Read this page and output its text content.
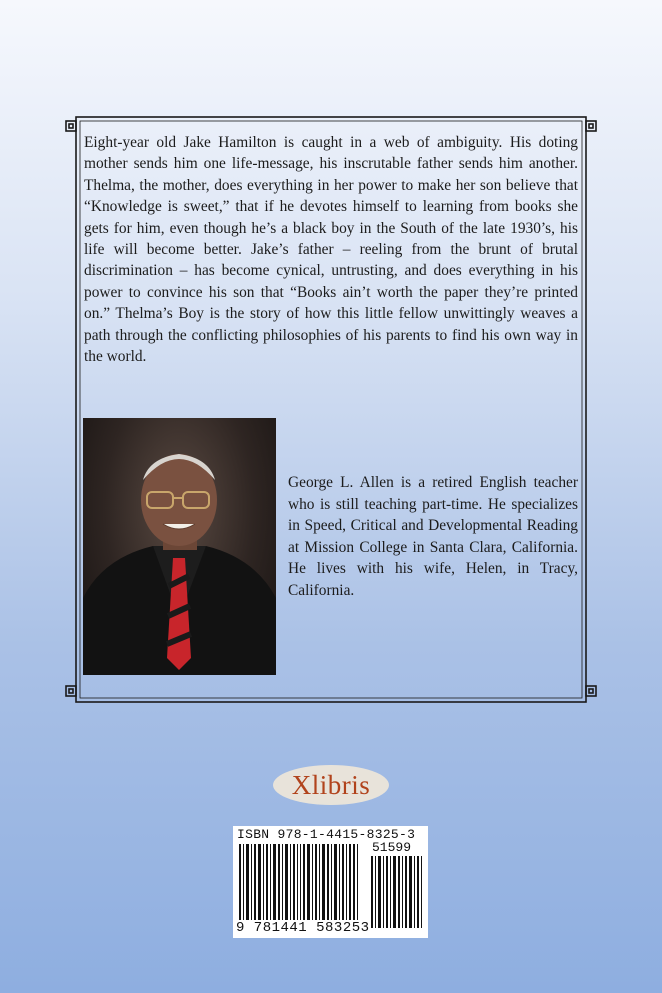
Eight-year old Jake Hamilton is caught in a web of ambiguity. His doting mother sends him one life-message, his inscrutable father sends him another. Thelma, the mother, does everything in her power to make her son believe that “Knowledge is sweet,” that if he devotes himself to learning from books she gets for him, even though he’s a black boy in the South of the late 1930’s, his life will become better. Jake’s father – reeling from the brunt of brutal discrimination – has become cynical, untrusting, and does everything in his power to convince his son that “Books ain’t worth the paper they’re printed on.” Thelma’s Boy is the story of how this little fellow unwittingly weaves a path through the conflicting philosophies of his parents to find his own way in the world.

George L. Allen is a retired English teacher who is still teaching part-time. He specializes in Speed, Critical and Developmental Reading at Mission College in Santa Clara, California. He lives with his wife, Helen, in Tracy, California.

Xlibris
ISBN 978-1-4415-8325-3
51599
9 781441 583253
